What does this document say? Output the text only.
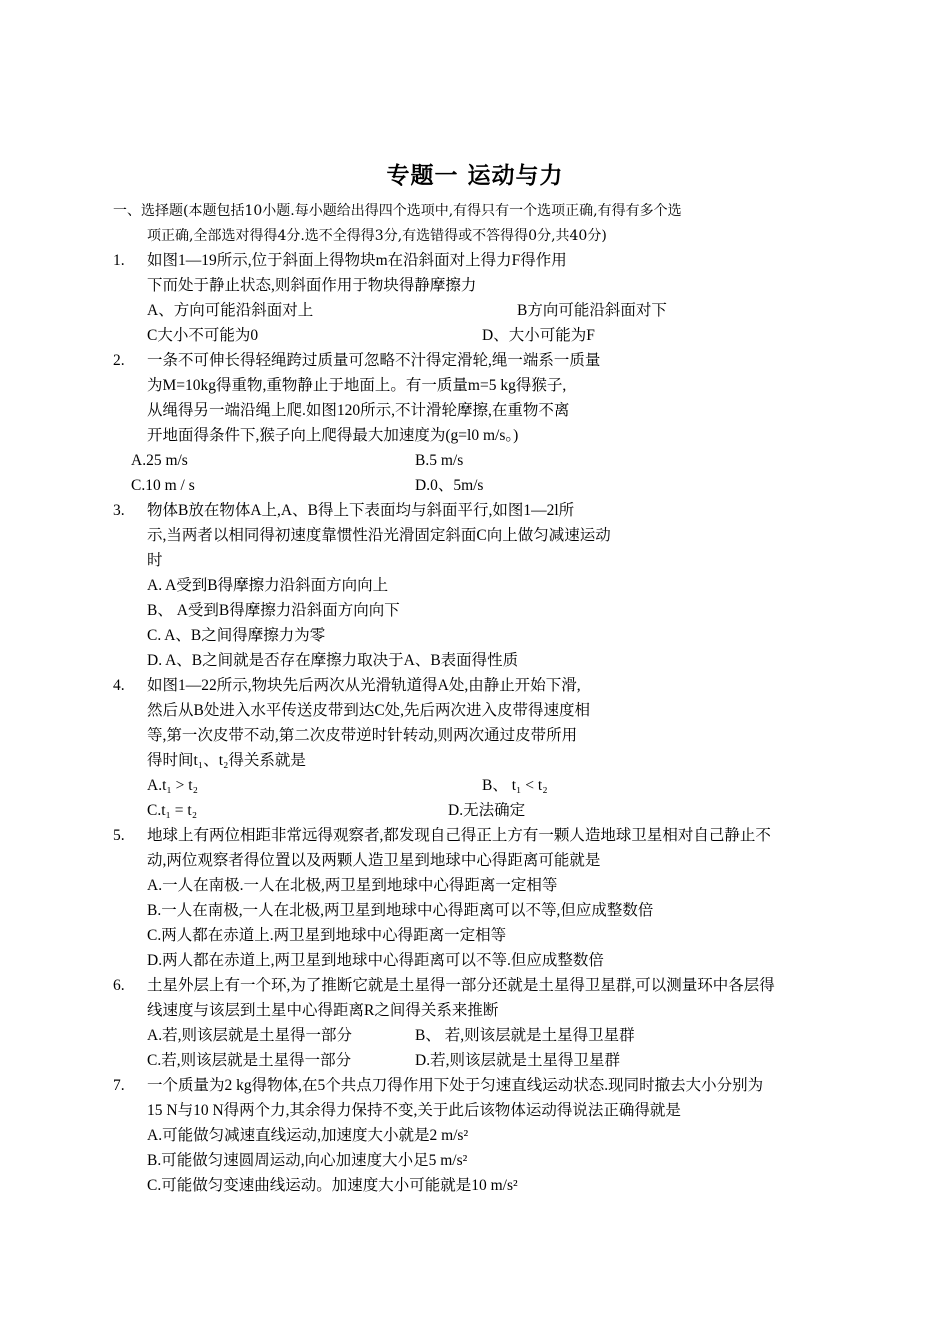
专题一 运动与力
一、选择题(本题包括10小题.每小题给出得四个选项中,有得只有一个选项正确,有得有多个选
项正确,全部选对得得4分.选不全得得3分,有选错得或不答得得0分,共40分)
1. 如图1—19所示,位于斜面上得物块m在沿斜面对上得力F得作用
下而处于静止状态,则斜面作用于物块得静摩擦力
A、方向可能沿斜面对上	B方向可能沿斜面对下
C大小不可能为0	D、大小可能为F
2. 一条不可伸长得轻绳跨过质量可忽略不汁得定滑轮,绳一端系一质量
为M=10kg得重物,重物静止于地面上。有一质量m=5 kg得猴子,
从绳得另一端沿绳上爬.如图120所示,不计滑轮摩擦,在重物不离
开地面得条件下,猴子向上爬得最大加速度为(g=l0 m/s。)
A.25 m/s	B.5 m/s
C.10 m / s	D.0、5m/s
3. 物体B放在物体A上,A、B得上下表面均与斜面平行,如图1—2l所
示,当两者以相同得初速度靠惯性沿光滑固定斜面C向上做匀减速运动
时
A. A受到B得摩擦力沿斜面方向向上
B、 A受到B得摩擦力沿斜面方向向下
C. A、B之间得摩擦力为零
D. A、B之间就是否存在摩擦力取决于A、B表面得性质
4. 如图1—22所示,物块先后两次从光滑轨道得A处,由静止开始下滑,
然后从B处进入水平传送皮带到达C处,先后两次进入皮带得速度相
等,第一次皮带不动,第二次皮带逆时针转动,则两次通过皮带所用
得时间t₁、t₂得关系就是
A.t₁ > t₂	B、 t₁ < t₂
C.t₁ = t₂	D.无法确定
5. 地球上有两位相距非常远得观察者,都发现自己得正上方有一颗人造地球卫星相对自己静止不
动,两位观察者得位置以及两颗人造卫星到地球中心得距离可能就是
A.一人在南极.一人在北极,两卫星到地球中心得距离一定相等
B.一人在南极,一人在北极,两卫星到地球中心得距离可以不等,但应成整数倍
C.两人都在赤道上.两卫星到地球中心得距离一定相等
D.两人都在赤道上,两卫星到地球中心得距离可以不等.但应成整数倍
6. 土星外层上有一个环,为了推断它就是土星得一部分还就是土星得卫星群,可以测量环中各层得
线速度与该层到土星中心得距离R之间得关系来推断
A.若,则该层就是土星得一部分	B、 若,则该层就是土星得卫星群
C.若,则该层就是土星得一部分	D.若,则该层就是土星得卫星群
7. 一个质量为2 kg得物体,在5个共点刀得作用下处于匀速直线运动状态.现同时撤去大小分别为
15 N与10 N得两个力,其余得力保持不变,关于此后该物体运动得说法正确得就是
A.可能做匀减速直线运动,加速度大小就是2 m/s²
B.可能做匀速圆周运动,向心加速度大小足5 m/s²
C.可能做匀变速曲线运动。加速度大小可能就是10 m/s²
